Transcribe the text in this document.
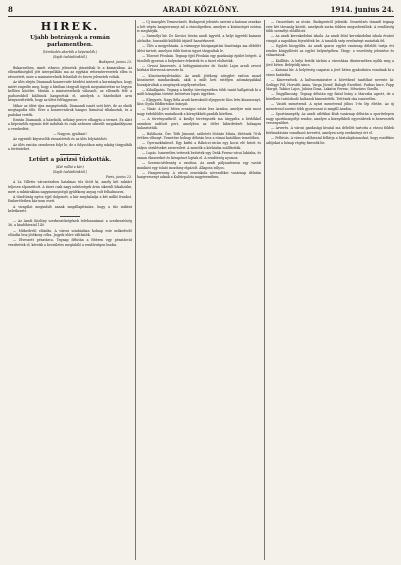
8	ARADI KÖZLÖNY.	1914. junius 24.
HIREK.
Ujabb botrányok a román parlamentben.

(Verekedés akarták a képviselők.)

(Saját tudósítónktól.)

Budapest, junius 23.

Bukarestben, ismét viharos jelenetek játszódtak le a kamarában. Az ellenzékiségből jött interpellálás ma az egyházi reformtervezetek ellen is rávezetett, mire a miniszterelnök felszólalt és heves jelenetek voltak.

Az ülés elején Diamandi konzervatív kérdést intézett a kormányhoz, hogy miért engedte meg, hogy a bíróban tárgyalt ügyek megszüntetése ne legyen kellően közölve. Miután a miniszterelnök válaszolt, az ellenzék felé a padsorokból kiáltások hangzottak el, amelyek a házelnököt arra kényszerítették, hogy az ülést felfüggessze.

Mikor az ülést újra megnyitották, Diamandi ismét szót kért, de az elnök megtagadta tőle. Erre a konzervatívok hangos lármával tiltakoztak, és a padokat verték.

Ezután Diamandi, a házelnök, néhány percre elhagyta a termet. Ez alatt a képviselők egymás felé indultak és csak nehezen sikerült megakadályozni a verekedést.

— Nagyon, gyalázat!

Az egyesült képviselők visszatértek és az ülés folytatódott.

Az ülés ezután csendesen folyt le, de a folyosókon még sokáig tárgyalták a történteket.

Letűrt a párizsi tűzkották.

(Két millió a kár.)

(Saját tudósítónktól.)

Paris, junius 23.

A La Villette városrészben hatalmas tűz ütött ki, amely két raktárt teljesen elpusztított. A tüzet csak nagy nehézségek árán sikerült lokalizálni, mert a raktárakban nagymennyiségű gyúlékony anyag volt felhalmozva.

A tűzoltóság egész éjjel dolgozott, a kár meghaladja a két millió frankot. Emberéletben kár nem esett.

A vizsgálat megindult annak megállapítására, hogy a tűz miként keletkezett.

— Az Aradi Közlöny szerkesztőségének telefonszámai: a szerkesztőség 36, a kiadóhivatal 140.

— Műkedvelő előadás. A városi szinházban holnap este műkedvelő előadás lesz jótékony célra. Jegyek előre válthatók.

— Elveszett pénztárca. Tegnap délután a főtéren egy pénztárcát veszítettek el, kéretik a becsületes megtaláló a rendőrségen leadni.

— Uj ünneplés Temesvárott. Budapesti jelentés szerint a katonai zenekar a hét végén hangversenyt ad a városligetben, amelyre a közönséget ezúton is meghívják.

— Személyi hír. Dr. Kovács István aradi ügyvéd, a helyi ügyvédi kamara alelnöke, hosszabb külföldi útjáról hazaérkezett.

— Ülés a megyeházán. A vármegye közigazgatási bizottsága ma délelőtt ülést tartott, amelyen több fontos ügyet tárgyaltak le.

— Tűzeset Pécskán. Tegnap éjjel Pécskán egy gazdasági épület leégett. A tűzoltók gyorsan a helyszínre érkeztek és a tüzet eloltották.

— Orvosi kinevezés. A belügyminiszter dr. Szabó Lajos aradi orvost kórházi főorvossá nevezte ki.

— Köszönetnyilvánítás. Az aradi jótékony nőegylet ezúton mond köszönetet mindazoknak, akik a múlt heti estélyen adományaikkal hozzájárultak a szegények segélyezéséhez.

— Kihallgatás. Tegnap a királyi törvényszéken több tanút hallgattak ki a múlt hónapban történt betöréses lopás ügyében.

— Eljegyzés. Nagy Béla aradi kereskedő eljegyezte Kiss Irén kisasszonyt, Kiss Gyula földbirtokos leányát.

— Vásár. A jövő héten országos vásár lesz Aradon, amelyre már most nagy érdeklődés mutatkozik a környékbeli gazdák körében.

— A törvényszékről. A királyi törvényszék ma tárgyalta a bérlőkkel szemben indított pert, amelyben az ítélet kihirdetését holnapra halasztották.

— Halálozás. Özv. Tóth Jánosné, született Molnár Mária, életének 78-ik évében elhunyt. Temetése holnap délután lesz a római katolikus temetőben.

— Gyermekbalesel. Egy kisfiú a Rákóczi-utcán egy kocsi elé futott és súlyos sérüléseket szenvedett. A mentők a kórházba szállították.

— Lopás. Ismeretlen tettesek betörtek egy Deák Ferenc-utcai lakásba, és onnan ékszereket és készpénzt loptak el. A rendőrség nyomoz.

— Szerencsétlenség a vasúton. Az aradi pályaudvaron egy vasúti munkást egy tolató mozdony elgázolt. Állapota súlyos.

— Hangverseny. A városi zeneiskola növendékei vasárnap délután hangversenyt adnak a Kultúrpalota nagytermében.

— Összetűzés az utcán. Budapestről jelentik: Összetűzés támadt tegnap este két társaság között, amelynek során többen megsebesültek. A rendőrség több személyt előállított.

— Az aradi kereskedelmi iskola. Az aradi felső kereskedelmi iskola évzáró vizsgái a napokban fejeződtek be. A tanulók szép eredményt mutattak fel.

— Egyleti közgyűlés. Az aradi iparos egylet vasárnap délelőtt tartja évi rendes közgyűlését az egylet helyiségében. Tárgy: a vezetőség jelentése és választások.

— Kiállítás. A helyi festők tárlata a városháza dísztermében nyílik meg a jövő héten. Belépődíj nincs.

— Katonai hír. A helyőrség csapatai a jövő héten gyakorlatra vonulnak ki a város határába.

— Kinevezések. A kultuszminiszter a következő tanítókat nevezte ki: Szilágyi Pál, Horváth Anna, Varga József, Balogh Erzsébet, Farkas Imre, Papp Margit, Takács Lajos, Juhász Ilona, Lakatos Ferenc, Mészáros Gizella.

— Öngyilkosság. Tegnap délután egy fiatal leány a Marosba ugrott, de a közelben tartózkodó halászok kimentették. Tettének oka ismeretlen.

— Vasúti menetrend. A nyári menetrend július 1-én lép életbe. Az új menetrend szerint több gyorsvonat is megáll Aradon.

— Sportünnepély. Az aradi atlétikai klub vasárnap délután a sporttelepen nagy sportünnepélyt rendez, amelyre a környékbeli egyesületek is benevezték versenyzőiket.

— Árverés. A városi gazdasági hivatal ma délelőtt tartotta a városi földek bérbeadására vonatkozó árverést, amelyen szép eredményt ért el.

— Felhívás. A városi adóhivatal felhívja a háztulajdonosokat, hogy esedékes adójukat a hónap végéig fizessék be.
